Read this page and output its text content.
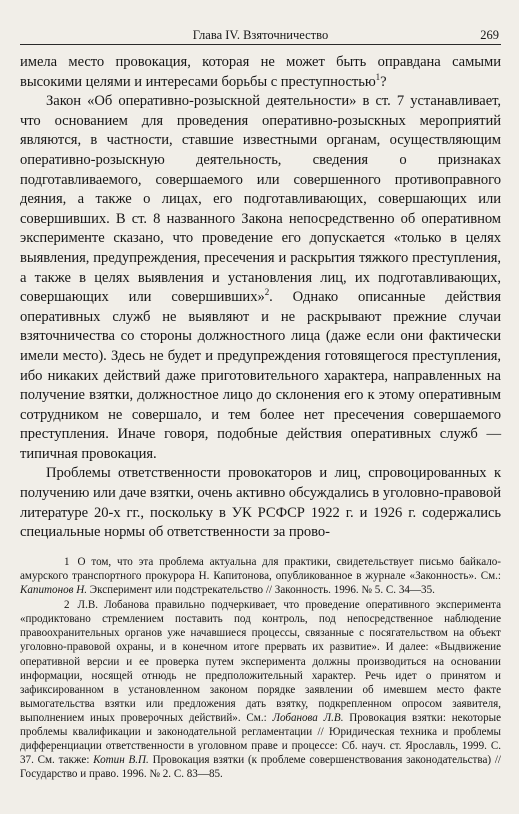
Глава IV. Взяточничество	269

имела место провокация, которая не может быть оправдана самыми высокими целями и интересами борьбы с преступностью$^1$?

Закон «Об оперативно-розыскной деятельности» в ст. 7 устанавливает, что основанием для проведения оперативно-розыскных мероприятий являются, в частности, ставшие известными органам, осуществляющим оперативно-розыскную деятельность, сведения о признаках подготавливаемого, совершаемого или совершенного противоправного деяния, а также о лицах, его подготавливающих, совершающих или совершивших. В ст. 8 названного Закона непосредственно об оперативном эксперименте сказано, что проведение его допускается «только в целях выявления, предупреждения, пресечения и раскрытия тяжкого преступления, а также в целях выявления и установления лиц, их подготавливающих, совершающих или совершивших»$^2$. Однако описанные действия оперативных служб не выявляют и не раскрывают прежние случаи взяточничества со стороны должностного лица (даже если они фактически имели место). Здесь не будет и предупреждения готовящегося преступления, ибо никаких действий даже приготовительного характера, направленных на получение взятки, должностное лицо до склонения его к этому оперативным сотрудником не совершало, и тем более нет пресечения совершаемого преступления. Иначе говоря, подобные действия оперативных служб — типичная провокация.

Проблемы ответственности провокаторов и лиц, спровоцированных к получению или даче взятки, очень активно обсуждались в уголовно-правовой литературе 20-х гг., поскольку в УК РСФСР 1922 г. и 1926 г. содержались специальные нормы об ответственности за прово-

1 О том, что эта проблема актуальна для практики, свидетельствует письмо байкало-амурского транспортного прокурора Н. Капитонова, опубликованное в журнале «Законность». См.: Капитонов Н. Эксперимент или подстрекательство // Законность. 1996. № 5. С. 34—35.

2 Л.В. Лобанова правильно подчеркивает, что проведение оперативного эксперимента «продиктовано стремлением поставить под контроль, под непосредственное наблюдение правоохранительных органов уже начавшиеся процессы, связанные с посягательством на объект уголовно-правовой охраны, и в конечном итоге прервать их развитие». И далее: «Выдвижение оперативной версии и ее проверка путем эксперимента должны производиться на основании информации, носящей отнюдь не предположительный характер. Речь идет о принятом и зафиксированном в установленном законом порядке заявлении об имевшем место факте вымогательства взятки или предложения дать взятку, подкрепленном опросом заявителя, выполнением иных проверочных действий». См.: Лобанова Л.В. Провокация взятки: некоторые проблемы квалификации и законодательной регламентации // Юридическая техника и проблемы дифференциации ответственности в уголовном праве и процессе: Сб. науч. ст. Ярославль, 1999. С. 37. См. также: Котин В.П. Провокация взятки (к проблеме совершенствования законодательства) // Государство и право. 1996. № 2. С. 83—85.
